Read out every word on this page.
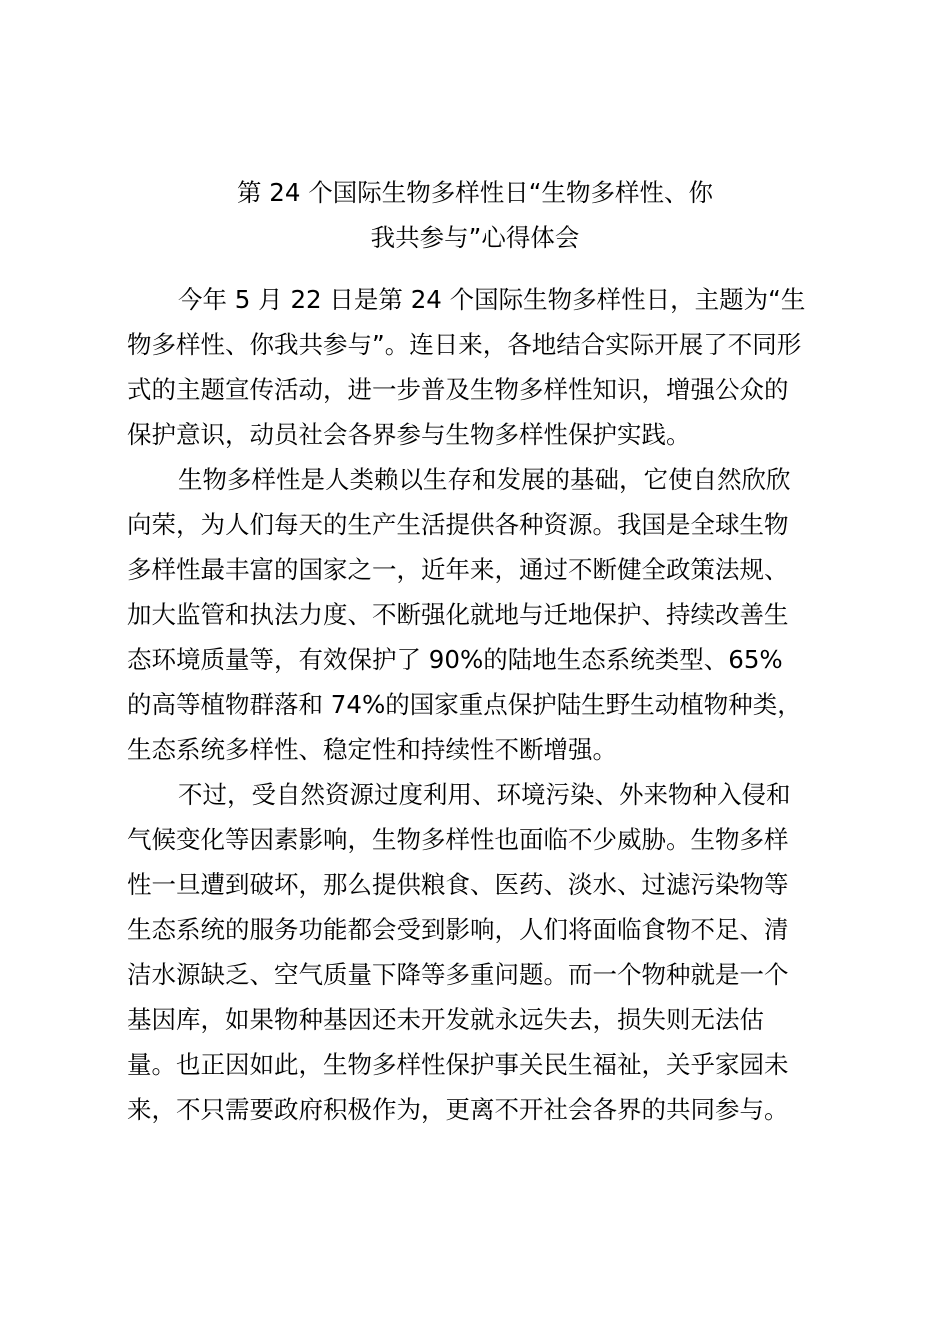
第 24 个国际生物多样性日“生物多样性、你
我共参与”心得体会

今年 5 月 22 日是第 24 个国际生物多样性日，主题为“生
物多样性、你我共参与”。连日来，各地结合实际开展了不同形
式的主题宣传活动，进一步普及生物多样性知识，增强公众的
保护意识，动员社会各界参与生物多样性保护实践。

生物多样性是人类赖以生存和发展的基础，它使自然欣欣
向荣，为人们每天的生产生活提供各种资源。我国是全球生物
多样性最丰富的国家之一，近年来，通过不断健全政策法规、
加大监管和执法力度、不断强化就地与迁地保护、持续改善生
态环境质量等，有效保护了 90%的陆地生态系统类型、65%
的高等植物群落和 74%的国家重点保护陆生野生动植物种类，
生态系统多样性、稳定性和持续性不断增强。

不过，受自然资源过度利用、环境污染、外来物种入侵和
气候变化等因素影响，生物多样性也面临不少威胁。生物多样
性一旦遭到破坏，那么提供粮食、医药、淡水、过滤污染物等
生态系统的服务功能都会受到影响，人们将面临食物不足、清
洁水源缺乏、空气质量下降等多重问题。而一个物种就是一个
基因库，如果物种基因还未开发就永远失去，损失则无法估
量。也正因如此，生物多样性保护事关民生福祉，关乎家园未
来，不只需要政府积极作为，更离不开社会各界的共同参与。
